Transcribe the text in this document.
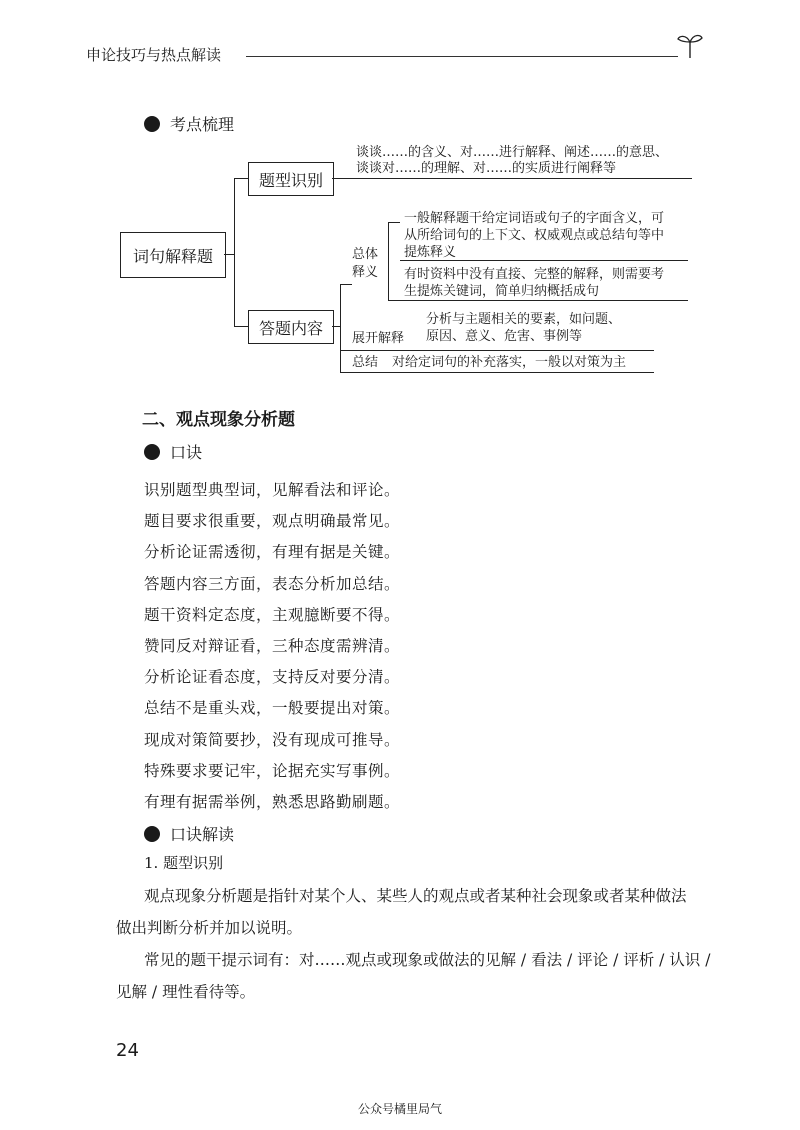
申论技巧与热点解读
考点梳理
词句解释题
题型识别
谈谈……的含义、对……进行解释、阐述……的意思、
谈谈对……的理解、对……的实质进行阐释等
答题内容
总体
释义
一般解释题干给定词语或句子的字面含义，可
从所给词句的上下文、权威观点或总结句等中
提炼释义
有时资料中没有直接、完整的解释，则需要考
生提炼关键词，简单归纳概括成句
展开解释
分析与主题相关的要素，如问题、
原因、意义、危害、事例等
总结 对给定词句的补充落实，一般以对策为主
二、观点现象分析题
口诀
识别题型典型词，见解看法和评论。
题目要求很重要，观点明确最常见。
分析论证需透彻，有理有据是关键。
答题内容三方面，表态分析加总结。
题干资料定态度，主观臆断要不得。
赞同反对辩证看，三种态度需辨清。
分析论证看态度，支持反对要分清。
总结不是重头戏，一般要提出对策。
现成对策简要抄，没有现成可推导。
特殊要求要记牢，论据充实写事例。
有理有据需举例，熟悉思路勤刷题。
口诀解读
1. 题型识别
观点现象分析题是指针对某个人、某些人的观点或者某种社会现象或者某种做法
做出判断分析并加以说明。
常见的题干提示词有：对……观点或现象或做法的见解 / 看法 / 评论 / 评析 / 认识 /
见解 / 理性看待等。
24
公众号橘里局气
